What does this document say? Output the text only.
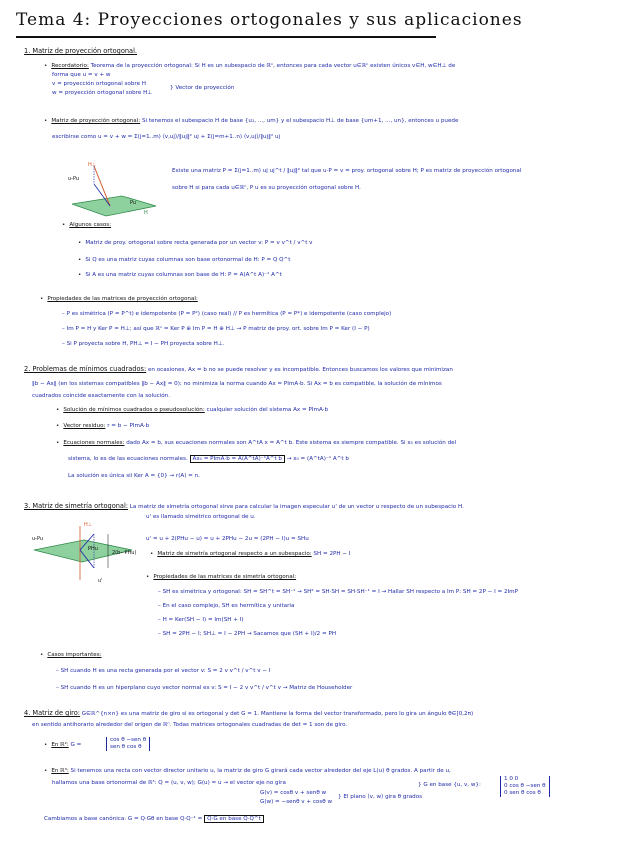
Tema 4: Proyecciones ortogonales y sus aplicaciones
1. Matriz de proyección ortogonal.
• Recordatorio: Teorema de la proyección ortogonal: Si H es un subespacio de ℝⁿ, entonces para cada vector u∈ℝⁿ existen únicos v∈H, w∈H⊥ de
forma que u = v + w
v = proyección ortogonal sobre H
w = proyección ortogonal sobre H⊥
} Vector de proyección
• Matriz de proyección ortogonal: Si tenemos el subespacio H de base {u₁, ..., um} y el subespacio H⊥ de base {um+1, ..., un}, entonces u puede
escribirse como u = v + w = Σ(j=1..m) ⟨v,uj⟩/‖uj‖² uj + Σ(j=m+1..n) ⟨v,uj⟩/‖uj‖² uj
H⊥
u-Pu
Pu
H
Existe una matriz P = Σ(j=1..m) uj uj^t / ‖uj‖² tal que u·P = v = proy. ortogonal sobre H; P es matriz de proyección ortogonal
sobre H si para cada u∈ℝⁿ, P u es su proyección ortogonal sobre H.
• Algunos casos:
• Matriz de proy. ortogonal sobre recta generada por un vector v: P = v v^t / v^t v
• Si Q es una matriz cuyas columnas son base ortonormal de H: P = Q Q^t
• Si A es una matriz cuyas columnas son base de H: P = A(A^t A)⁻¹ A^t
• Propiedades de las matrices de proyección ortogonal:
– P es simétrica (P = P^t) e idempotente (P = P²) (caso real) // P es hermítica (P = P*) e idempotente (caso complejo)
– Im P = H y Ker P = H⊥; así que ℝⁿ = Ker P ⊕ Im P = H ⊕ H⊥ → P matriz de proy. ort. sobre Im P = Ker (I − P)
– Si P proyecta sobre H, PH⊥ = I − PH proyecta sobre H⊥.
2. Problemas de mínimos cuadrados: en ocasiones, Ax = b no se puede resolver y es incompatible. Entonces buscamos los valores que minimizan
‖b − Ax‖ (en los sistemas compatibles ‖b − Ax‖ = 0); no minimiza la norma cuando Ax = PImA·b. Si Ax = b es compatible, la solución de mínimos
cuadrados coincide exactamente con la solución.
• Solución de mínimos cuadrados o pseudosolución: cualquier solución del sistema Ax = PImA·b
• Vector residuo: r = b − PImA·b
• Ecuaciones normales: dado Ax = b, sus ecuaciones normales son A^tA x = A^t b. Este sistema es siempre compatible. Si x₀ es solución del
sistema, lo es de las ecuaciones normales. Ax₀ = PImA·b = A(A^tA)⁻¹A^t b → x₀ = (A^tA)⁻¹ A^t b
La solución es única sii Ker A = {0} → r(A) = n.
3. Matriz de simetría ortogonal: La matriz de simetría ortogonal sirve para calcular la imagen especular u' de un vector u respecto de un subespacio H.
u' es llamado simétrico ortogonal de u.
H⊥
u-Pu
PHu
u'
2(b−PHu)
u' = u + 2(PHu − u) = u + 2PHu − 2u = (2PH − I)u = SHu
• Matriz de simetría ortogonal respecto a un subespacio: SH = 2PH − I
• Propiedades de las matrices de simetría ortogonal:
– SH es simétrica y ortogonal: SH = SH^t = SH⁻¹ → SH² = SH·SH = SH·SH⁻¹ = I → Hallar SH respecto a Im P: SH = 2P − I = 2ImP
– En el caso complejo, SH es hermítica y unitaria
– H = Ker(SH − I) = Im(SH + I)
– SH = 2PH − I; SH⊥ = I − 2PH → Sacamos que (SH + I)/2 = PH
• Casos importantes:
– SH cuando H es una recta generada por el vector v: S = 2 v v^t / v^t v − I
– SH cuando H es un hiperplano cuyo vector normal es v: S = I − 2 v v^t / v^t v → Matriz de Householder
4. Matriz de giro: G∈ℝ^{n×n} es una matriz de giro si es ortogonal y det G = 1. Mantiene la forma del vector transformado, pero lo gira un ángulo θ∈[0,2π)
en sentido antihorario alrededor del origen de ℝⁿ. Todas matrices ortogonales cuadradas de det = 1 son de giro.
• En ℝ²: G =
cos θ −sen θ
sen θ cos θ
• En ℝ³: Si tenemos una recta con vector director unitario u, la matriz de giro G girará cada vector alrededor del eje L(u) θ grados. A partir de u,
hallamos una base ortonormal de ℝ³: Q = (u, v, w); G(u) = u → el vector eje no gira
G(v) = cosθ v + senθ w
G(w) = −senθ v + cosθ w
} El plano ⟨v, w⟩ gira θ grados
} G en base {u, v, w}:
1 0 0
0 cos θ −sen θ
0 sen θ cos θ
Cambiamos a base canónica: G = Q·Gθ en base Q·Q⁻¹ = Q·G en base Q·Q^t
